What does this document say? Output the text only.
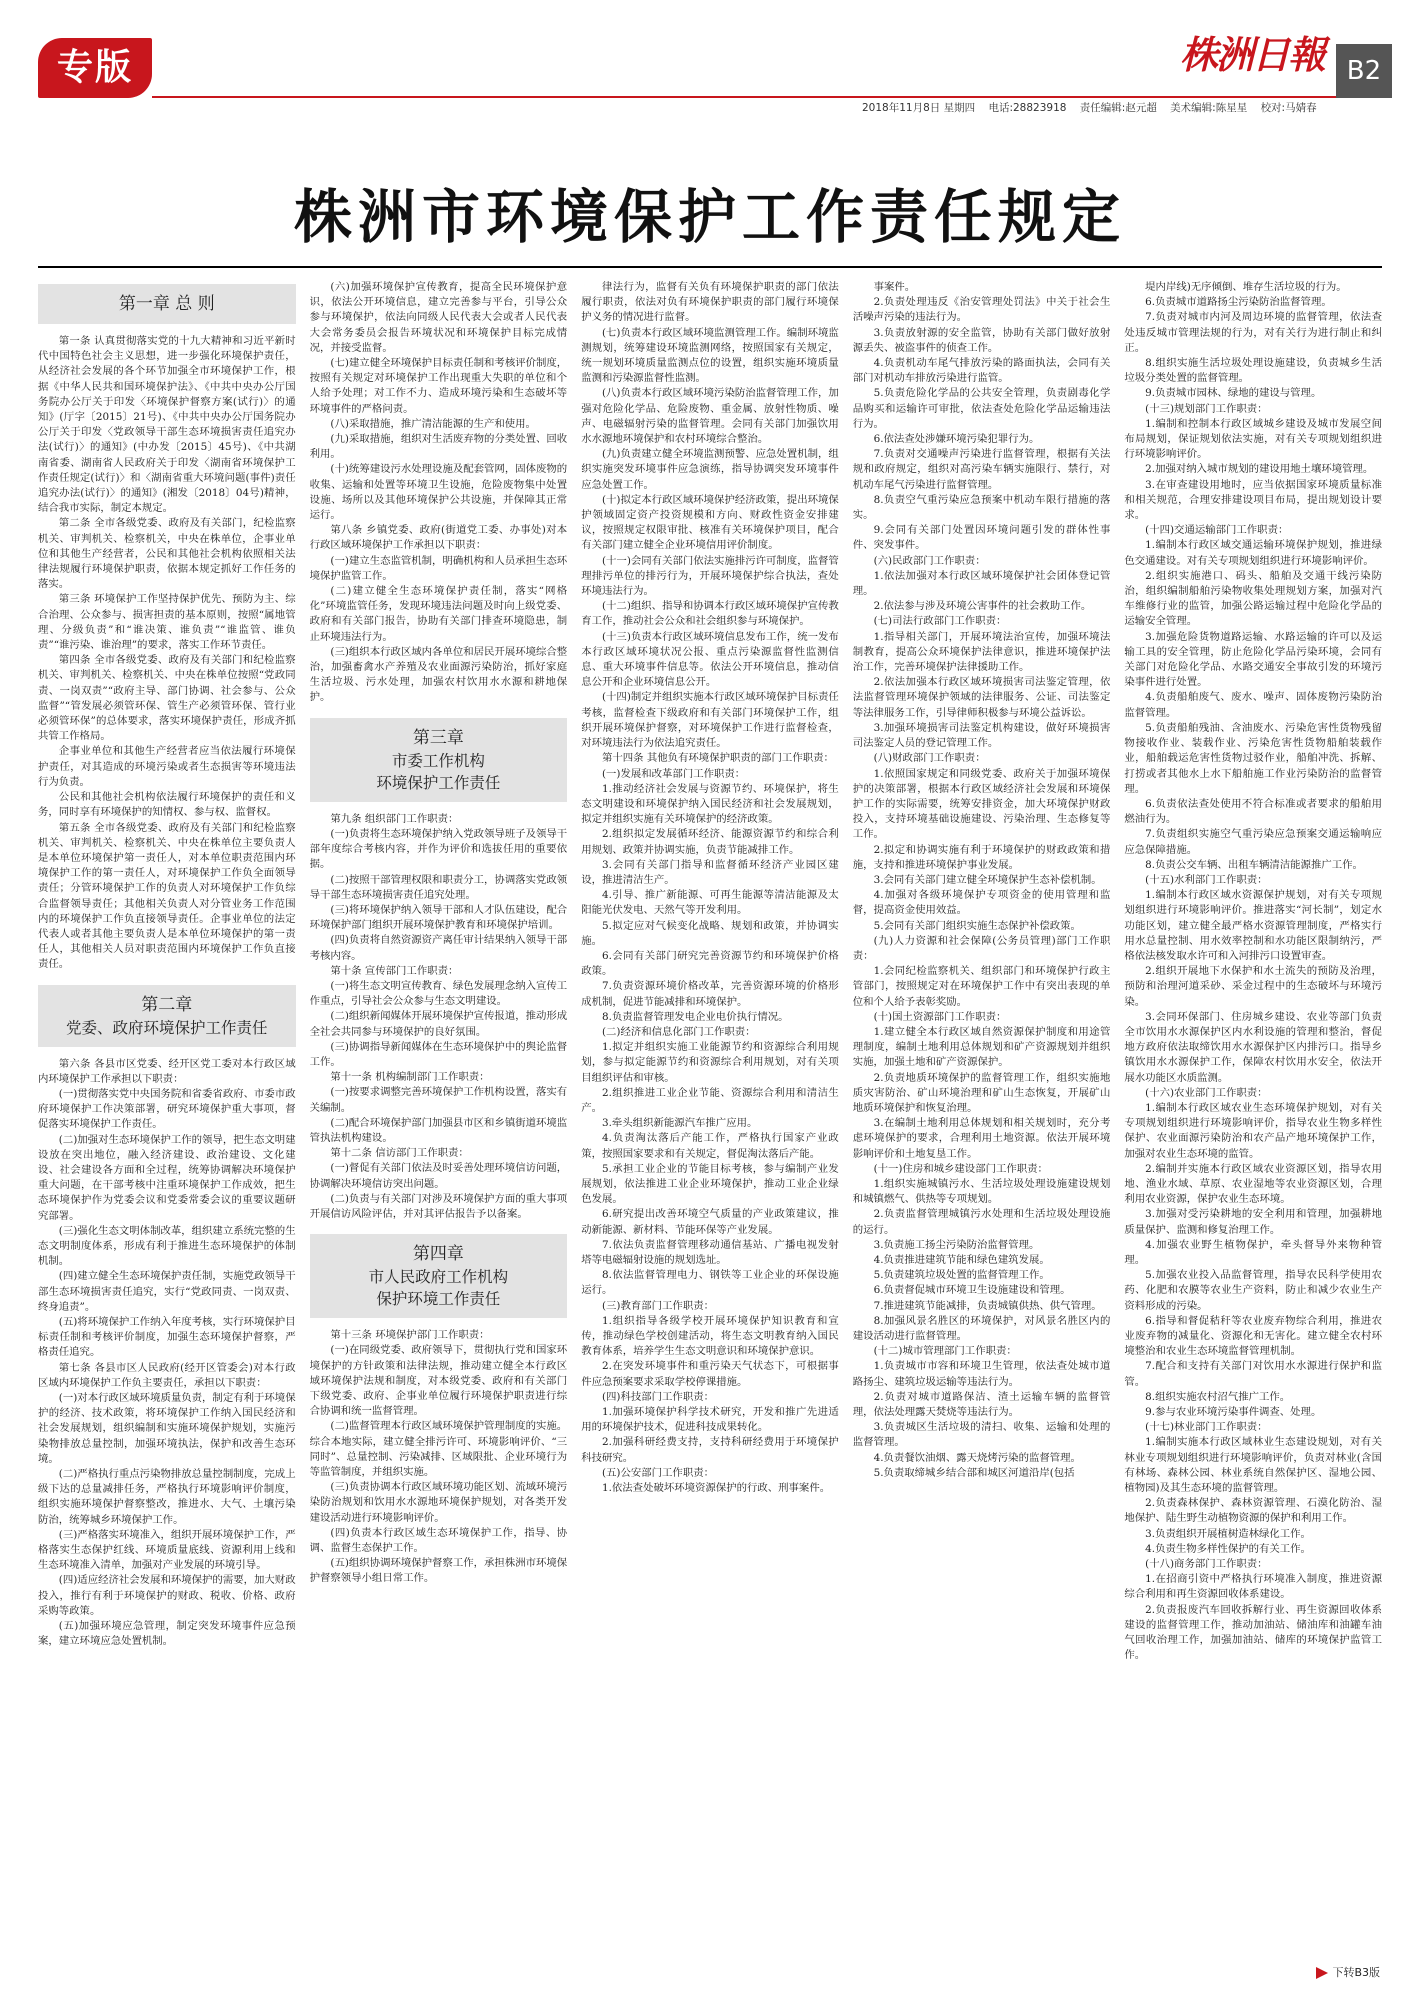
专版	株洲日報 B2
2018年11月8日 星期四 电话:28823918 责任编辑:赵元超 美术编辑:陈星星 校对:马婧春
株洲市环境保护工作责任规定
第一章 总 则

第一条 认真贯彻落实党的十九大精神和习近平新时代中国特色社会主义思想，进一步强化环境保护责任，从经济社会发展的各个环节加强全市环境保护工作，根据《中华人民共和国环境保护法》、《中共中央办公厅国务院办公厅关于印发〈环境保护督察方案(试行)〉的通知》(厅字〔2015〕21号)、《中共中央办公厅国务院办公厅关于印发〈党政领导干部生态环境损害责任追究办法(试行)〉的通知》(中办发〔2015〕45号)、《中共湖南省委、湖南省人民政府关于印发〈湖南省环境保护工作责任规定(试行)〉和〈湖南省重大环境问题(事件)责任追究办法(试行)〉的通知》(湘发〔2018〕04号)精神，结合我市实际，制定本规定。

第二条 全市各级党委、政府及有关部门，纪检监察机关、审判机关、检察机关，中央在株单位，企事业单位和其他生产经营者，公民和其他社会机构依照相关法律法规履行环境保护职责，依据本规定抓好工作任务的落实。

第三条 环境保护工作坚持保护优先、预防为主、综合治理、公众参与、损害担责的基本原则，按照“属地管理、分级负责”和“谁决策、谁负责”“谁监管、谁负责”“谁污染、谁治理”的要求，落实工作环节责任。

第四条 全市各级党委、政府及有关部门和纪检监察机关、审判机关、检察机关、中央在株单位按照“党政同责、一岗双责”“政府主导、部门协调、社会参与、公众监督”“管发展必须管环保、管生产必须管环保、管行业必须管环保”的总体要求，落实环境保护责任，形成齐抓共管工作格局。

企事业单位和其他生产经营者应当依法履行环境保护责任，对其造成的环境污染或者生态损害等环境违法行为负责。

公民和其他社会机构依法履行环境保护的责任和义务，同时享有环境保护的知情权、参与权、监督权。

第五条 全市各级党委、政府及有关部门和纪检监察机关、审判机关、检察机关、中央在株单位主要负责人是本单位环境保护第一责任人，对本单位职责范围内环境保护工作的第一责任人，对环境保护工作负全面领导责任；分管环境保护工作的负责人对环境保护工作负综合监督领导责任；其他相关负责人对分管业务工作范围内的环境保护工作负直接领导责任。企事业单位的法定代表人或者其他主要负责人是本单位环境保护的第一责任人，其他相关人员对职责范围内环境保护工作负直接责任。

第二章
党委、政府环境保护工作责任

第六条 各县市区党委、经开区党工委对本行政区域内环境保护工作承担以下职责：

(一)贯彻落实党中央国务院和省委省政府、市委市政府环境保护工作决策部署，研究环境保护重大事项，督促落实环境保护工作责任。

(二)加强对生态环境保护工作的领导，把生态文明建设放在突出地位，融入经济建设、政治建设、文化建设、社会建设各方面和全过程，统筹协调解决环境保护重大问题，在干部考核中注重环境保护工作成效，把生态环境保护作为党委会议和党委常委会议的重要议题研究部署。

(三)强化生态文明体制改革，组织建立系统完整的生态文明制度体系，形成有利于推进生态环境保护的体制机制。

(四)建立健全生态环境保护责任制，实施党政领导干部生态环境损害责任追究，实行“党政同责、一岗双责、终身追责”。

(五)将环境保护工作纳入年度考核，实行环境保护目标责任制和考核评价制度，加强生态环境保护督察，严格责任追究。

第七条 各县市区人民政府(经开区管委会)对本行政区域内环境保护工作负主要责任，承担以下职责：

(一)对本行政区域环境质量负责，制定有利于环境保护的经济、技术政策，将环境保护工作纳入国民经济和社会发展规划，组织编制和实施环境保护规划，实施污染物排放总量控制，加强环境执法，保护和改善生态环境。

(二)严格执行重点污染物排放总量控制制度，完成上级下达的总量减排任务，严格执行环境影响评价制度，组织实施环境保护督察整改，推进水、大气、土壤污染防治，统筹城乡环境保护工作。

(三)严格落实环境准入，组织开展环境保护工作，严格落实生态保护红线、环境质量底线、资源利用上线和生态环境准入清单，加强对产业发展的环境引导。

(四)适应经济社会发展和环境保护的需要，加大财政投入，推行有利于环境保护的财政、税收、价格、政府采购等政策。

(五)加强环境应急管理，制定突发环境事件应急预案，建立环境应急处置机制。

(六)加强环境保护宣传教育，提高全民环境保护意识，依法公开环境信息，建立完善参与平台，引导公众参与环境保护，依法向同级人民代表大会或者人民代表大会常务委员会报告环境状况和环境保护目标完成情况，并接受监督。

(七)建立健全环境保护目标责任制和考核评价制度，按照有关规定对环境保护工作出现重大失职的单位和个人给予处理；对工作不力、造成环境污染和生态破坏等环境事件的严格问责。

(八)采取措施，推广清洁能源的生产和使用。

(九)采取措施，组织对生活废弃物的分类处置、回收利用。

(十)统筹建设污水处理设施及配套管网，固体废物的收集、运输和处置等环境卫生设施，危险废物集中处置设施、场所以及其他环境保护公共设施，并保障其正常运行。

第八条 乡镇党委、政府(街道党工委、办事处)对本行政区域环境保护工作承担以下职责：

(一)建立生态监管机制，明确机构和人员承担生态环境保护监管工作。

(二)建立健全生态环境保护责任制，落实“网格化”环境监管任务，发现环境违法问题及时向上级党委、政府和有关部门报告，协助有关部门排查环境隐患，制止环境违法行为。

(三)组织本行政区域内各单位和居民开展环境综合整治，加强畜禽水产养殖及农业面源污染防治，抓好家庭生活垃圾、污水处理，加强农村饮用水水源和耕地保护。

第三章
市委工作机构
环境保护工作责任

第九条 组织部门工作职责：

(一)负责将生态环境保护纳入党政领导班子及领导干部年度综合考核内容，并作为评价和选拔任用的重要依据。

(二)按照干部管理权限和职责分工，协调落实党政领导干部生态环境损害责任追究处理。

(三)将环境保护纳入领导干部和人才队伍建设，配合环境保护部门组织开展环境保护教育和环境保护培训。

(四)负责将自然资源资产离任审计结果纳入领导干部考核内容。

第十条 宣传部门工作职责：

(一)将生态文明宣传教育、绿色发展理念纳入宣传工作重点，引导社会公众参与生态文明建设。

(二)组织新闻媒体开展环境保护宣传报道，推动形成全社会共同参与环境保护的良好氛围。

(三)协调指导新闻媒体在生态环境保护中的舆论监督工作。

第十一条 机构编制部门工作职责：

(一)按要求调整完善环境保护工作机构设置，落实有关编制。

(二)配合环境保护部门加强县市区和乡镇街道环境监管执法机构建设。

第十二条 信访部门工作职责：

(一)督促有关部门依法及时妥善处理环境信访问题，协调解决环境信访突出问题。

(二)负责与有关部门对涉及环境保护方面的重大事项开展信访风险评估，并对其评估报告予以备案。

第四章
市人民政府工作机构
保护环境工作责任

第十三条 环境保护部门工作职责：

(一)在同级党委、政府领导下，贯彻执行党和国家环境保护的方针政策和法律法规，推动建立健全本行政区域环境保护法规和制度，对本级党委、政府和有关部门下级党委、政府、企事业单位履行环境保护职责进行综合协调和统一监督管理。

(二)监督管理本行政区域环境保护管理制度的实施。综合本地实际，建立健全排污许可、环境影响评价、“三同时”、总量控制、污染减排、区域限批、企业环境行为等监管制度，并组织实施。

(三)负责协调本行政区域环境功能区划、流域环境污染防治规划和饮用水水源地环境保护规划，对各类开发建设活动进行环境影响评价。

(四)负责本行政区域生态环境保护工作，指导、协调、监督生态保护工作。

(五)组织协调环境保护督察工作，承担株洲市环境保护督察领导小组日常工作。

律法行为，监督有关负有环境保护职责的部门依法履行职责，依法对负有环境保护职责的部门履行环境保护义务的情况进行监督。

(七)负责本行政区域环境监测管理工作。编制环境监测规划，统筹建设环境监测网络，按照国家有关规定，统一规划环境质量监测点位的设置，组织实施环境质量监测和污染源监督性监测。

(八)负责本行政区域环境污染防治监督管理工作，加强对危险化学品、危险废物、重金属、放射性物质、噪声、电磁辐射污染的监督管理。会同有关部门加强饮用水水源地环境保护和农村环境综合整治。

(九)负责建立健全环境监测预警、应急处置机制，组织实施突发环境事件应急演练，指导协调突发环境事件应急处置工作。

(十)拟定本行政区域环境保护经济政策，提出环境保护领域固定资产投资规模和方向、财政性资金安排建议，按照规定权限审批、核准有关环境保护项目，配合有关部门建立健全企业环境信用评价制度。

(十一)会同有关部门依法实施排污许可制度，监督管理排污单位的排污行为，开展环境保护综合执法，查处环境违法行为。

(十二)组织、指导和协调本行政区域环境保护宣传教育工作，推动社会公众和社会组织参与环境保护。

(十三)负责本行政区域环境信息发布工作，统一发布本行政区域环境状况公报、重点污染源监督性监测信息、重大环境事件信息等。依法公开环境信息，推动信息公开和企业环境信息公开。

(十四)制定并组织实施本行政区域环境保护目标责任考核，监督检查下级政府和有关部门环境保护工作，组织开展环境保护督察，对环境保护工作进行监督检查，对环境违法行为依法追究责任。

第十四条 其他负有环境保护职责的部门工作职责：

(一)发展和改革部门工作职责：

1.推动经济社会发展与资源节约、环境保护，将生态文明建设和环境保护纳入国民经济和社会发展规划，拟定并组织实施有关环境保护的经济政策。

2.组织拟定发展循环经济、能源资源节约和综合利用规划、政策并协调实施，负责节能减排工作。

3.会同有关部门指导和监督循环经济产业园区建设，推进清洁生产。

4.引导、推广新能源、可再生能源等清洁能源及太阳能光伏发电、天然气等开发利用。

5.拟定应对气候变化战略、规划和政策，并协调实施。

6.会同有关部门研究完善资源节约和环境保护价格政策。

7.负责资源环境价格改革，完善资源环境的价格形成机制，促进节能减排和环境保护。

8.负责监督管理发电企业电价执行情况。

(二)经济和信息化部门工作职责：

1.拟定并组织实施工业能源节约和资源综合利用规划，参与拟定能源节约和资源综合利用规划，对有关项目组织评估和审核。

2.组织推进工业企业节能、资源综合利用和清洁生产。

3.牵头组织新能源汽车推广应用。

4.负责淘汰落后产能工作，严格执行国家产业政策，按照国家要求和有关规定，督促淘汰落后产能。

5.承担工业企业的节能目标考核，参与编制产业发展规划，依法推进工业企业环境保护，推动工业企业绿色发展。

6.研究提出改善环境空气质量的产业政策建议，推动新能源、新材料、节能环保等产业发展。

7.依法负责监督管理移动通信基站、广播电视发射塔等电磁辐射设施的规划选址。

8.依法监督管理电力、钢铁等工业企业的环保设施运行。

(三)教育部门工作职责：

1.组织指导各级学校开展环境保护知识教育和宣传，推动绿色学校创建活动，将生态文明教育纳入国民教育体系，培养学生生态文明意识和环境保护意识。

2.在突发环境事件和重污染天气状态下，可根据事件应急预案要求采取学校停课措施。

(四)科技部门工作职责：

1.加强环境保护科学技术研究，开发和推广先进适用的环境保护技术，促进科技成果转化。

2.加强科研经费支持，支持科研经费用于环境保护科技研究。

(五)公安部门工作职责：

1.依法查处破坏环境资源保护的行政、刑事案件。

事案件。

2.负责处理违反《治安管理处罚法》中关于社会生活噪声污染的违法行为。

3.负责放射源的安全监管，协助有关部门做好放射源丢失、被盗事件的侦查工作。

4.负责机动车尾气排放污染的路面执法，会同有关部门对机动车排放污染进行监管。

5.负责危险化学品的公共安全管理，负责剧毒化学品购买和运输许可审批，依法查处危险化学品运输违法行为。

6.依法查处涉嫌环境污染犯罪行为。

7.负责对交通噪声污染进行监督管理，根据有关法规和政府规定，组织对高污染车辆实施限行、禁行，对机动车尾气污染进行监督管理。

8.负责空气重污染应急预案中机动车限行措施的落实。

9.会同有关部门处置因环境问题引发的群体性事件、突发事件。

(六)民政部门工作职责：

1.依法加强对本行政区域环境保护社会团体登记管理。

2.依法参与涉及环境公害事件的社会救助工作。

(七)司法行政部门工作职责：

1.指导相关部门，开展环境法治宣传，加强环境法制教育，提高公众环境保护法律意识，推进环境保护法治工作，完善环境保护法律援助工作。

2.依法加强本行政区域环境损害司法鉴定管理，依法监督管理环境保护领域的法律服务、公证、司法鉴定等法律服务工作，引导律师积极参与环境公益诉讼。

3.加强环境损害司法鉴定机构建设，做好环境损害司法鉴定人员的登记管理工作。

(八)财政部门工作职责：

1.依照国家规定和同级党委、政府关于加强环境保护的决策部署，根据本行政区域经济社会发展和环境保护工作的实际需要，统筹安排资金，加大环境保护财政投入，支持环境基础设施建设、污染治理、生态修复等工作。

2.拟定和协调实施有利于环境保护的财政政策和措施，支持和推进环境保护事业发展。

3.会同有关部门建立健全环境保护生态补偿机制。

4.加强对各级环境保护专项资金的使用管理和监督，提高资金使用效益。

5.会同有关部门组织实施生态保护补偿政策。

(九)人力资源和社会保障(公务员管理)部门工作职责：

1.会同纪检监察机关、组织部门和环境保护行政主管部门，按照规定对在环境保护工作中有突出表现的单位和个人给予表彰奖励。

(十)国土资源部门工作职责：

1.建立健全本行政区域自然资源保护制度和用途管理制度，编制土地利用总体规划和矿产资源规划并组织实施，加强土地和矿产资源保护。

2.负责地质环境保护的监督管理工作，组织实施地质灾害防治、矿山环境治理和矿山生态恢复，开展矿山地质环境保护和恢复治理。

3.在编制土地利用总体规划和相关规划时，充分考虑环境保护的要求，合理利用土地资源。依法开展环境影响评价和土地复垦工作。

(十一)住房和城乡建设部门工作职责：

1.组织实施城镇污水、生活垃圾处理设施建设规划和城镇燃气、供热等专项规划。

2.负责监督管理城镇污水处理和生活垃圾处理设施的运行。

3.负责施工扬尘污染防治监督管理。

4.负责推进建筑节能和绿色建筑发展。

5.负责建筑垃圾处置的监督管理工作。

6.负责督促城市环境卫生设施建设和管理。

7.推进建筑节能减排，负责城镇供热、供气管理。

8.加强风景名胜区的环境保护，对风景名胜区内的建设活动进行监督管理。

(十二)城市管理部门工作职责：

1.负责城市市容和环境卫生管理，依法查处城市道路扬尘、建筑垃圾运输等违法行为。

2.负责对城市道路保洁、渣土运输车辆的监督管理，依法处理露天焚烧等违法行为。

3.负责城区生活垃圾的清扫、收集、运输和处理的监督管理。

4.负责餐饮油烟、露天烧烤污染的监督管理。

5.负责取缔城乡结合部和城区河道沿岸(包括

堤内岸线)无序倾倒、堆存生活垃圾的行为。

6.负责城市道路扬尘污染防治监督管理。

7.负责对城市内河及周边环境的监督管理，依法查处违反城市管理法规的行为，对有关行为进行制止和纠正。

8.组织实施生活垃圾处理设施建设，负责城乡生活垃圾分类处置的监督管理。

9.负责城市园林、绿地的建设与管理。

(十三)规划部门工作职责：

1.编制和控制本行政区域城乡建设及城市发展空间布局规划，保证规划依法实施，对有关专项规划组织进行环境影响评价。

2.加强对纳入城市规划的建设用地土壤环境管理。

3.在审查建设用地时，应当依据国家环境质量标准和相关规范，合理安排建设项目布局，提出规划设计要求。

(十四)交通运输部门工作职责：

1.编制本行政区域交通运输环境保护规划，推进绿色交通建设。对有关专项规划组织进行环境影响评价。

2.组织实施港口、码头、船舶及交通干线污染防治，组织编制船舶污染物收集处理规划方案，加强对汽车维修行业的监管，加强公路运输过程中危险化学品的运输安全管理。

3.加强危险货物道路运输、水路运输的许可以及运输工具的安全管理，防止危险化学品污染环境，会同有关部门对危险化学品、水路交通安全事故引发的环境污染事件进行处置。

4.负责船舶废气、废水、噪声、固体废物污染防治监督管理。

5.负责船舶残油、含油废水、污染危害性货物残留物接收作业、装载作业、污染危害性货物船舶装载作业，船舶载运危害性货物过驳作业，船舶冲洗、拆解、打捞或者其他水上水下船舶施工作业污染防治的监督管理。

6.负责依法查处使用不符合标准或者要求的船舶用燃油行为。

7.负责组织实施空气重污染应急预案交通运输响应应急保障措施。

8.负责公交车辆、出租车辆清洁能源推广工作。

(十五)水利部门工作职责：

1.编制本行政区域水资源保护规划，对有关专项规划组织进行环境影响评价。推进落实“河长制”，划定水功能区划，建立健全最严格水资源管理制度，严格实行用水总量控制、用水效率控制和水功能区限制纳污，严格依法核发取水许可和入河排污口设置审查。

2.组织开展地下水保护和水土流失的预防及治理，预防和治理河道采砂、采金过程中的生态破坏与环境污染。

3.会同环保部门、住房城乡建设、农业等部门负责全市饮用水水源保护区内水利设施的管理和整治，督促地方政府依法取缔饮用水水源保护区内排污口。指导乡镇饮用水水源保护工作，保障农村饮用水安全，依法开展水功能区水质监测。

(十六)农业部门工作职责：

1.编制本行政区域农业生态环境保护规划，对有关专项规划组织进行环境影响评价，指导农业生物多样性保护、农业面源污染防治和农产品产地环境保护工作，加强对农业生态环境的监管。

2.编制并实施本行政区域农业资源区划，指导农用地、渔业水域、草原、农业湿地等农业资源区划，合理利用农业资源，保护农业生态环境。

3.加强对受污染耕地的安全利用和管理，加强耕地质量保护、监测和修复治理工作。

4.加强农业野生植物保护，牵头督导外来物种管理。

5.加强农业投入品监督管理，指导农民科学使用农药、化肥和农膜等农业生产资料，防止和减少农业生产资料形成的污染。

6.指导和督促秸秆等农业废弃物综合利用，推进农业废弃物的减量化、资源化和无害化。建立健全农村环境整治和农业生态环境监督管理机制。

7.配合和支持有关部门对饮用水水源进行保护和监管。

8.组织实施农村沼气推广工作。

9.参与农业环境污染事件调查、处理。

(十七)林业部门工作职责：

1.编制实施本行政区域林业生态建设规划，对有关林业专项规划组织进行环境影响评价，负责对林业(含国有林场、森林公园、林业系统自然保护区、湿地公园、植物园)及其生态环境的监督管理。

2.负责森林保护、森林资源管理、石漠化防治、湿地保护、陆生野生动植物资源的保护和利用工作。

3.负责组织开展植树造林绿化工作。

4.负责生物多样性保护的有关工作。

(十八)商务部门工作职责：

1.在招商引资中严格执行环境准入制度，推进资源综合利用和再生资源回收体系建设。

2.负责报废汽车回收拆解行业、再生资源回收体系建设的监督管理工作，推动加油站、储油库和油罐车油气回收治理工作，加强加油站、储库的环境保护监管工作。

下转B3版
